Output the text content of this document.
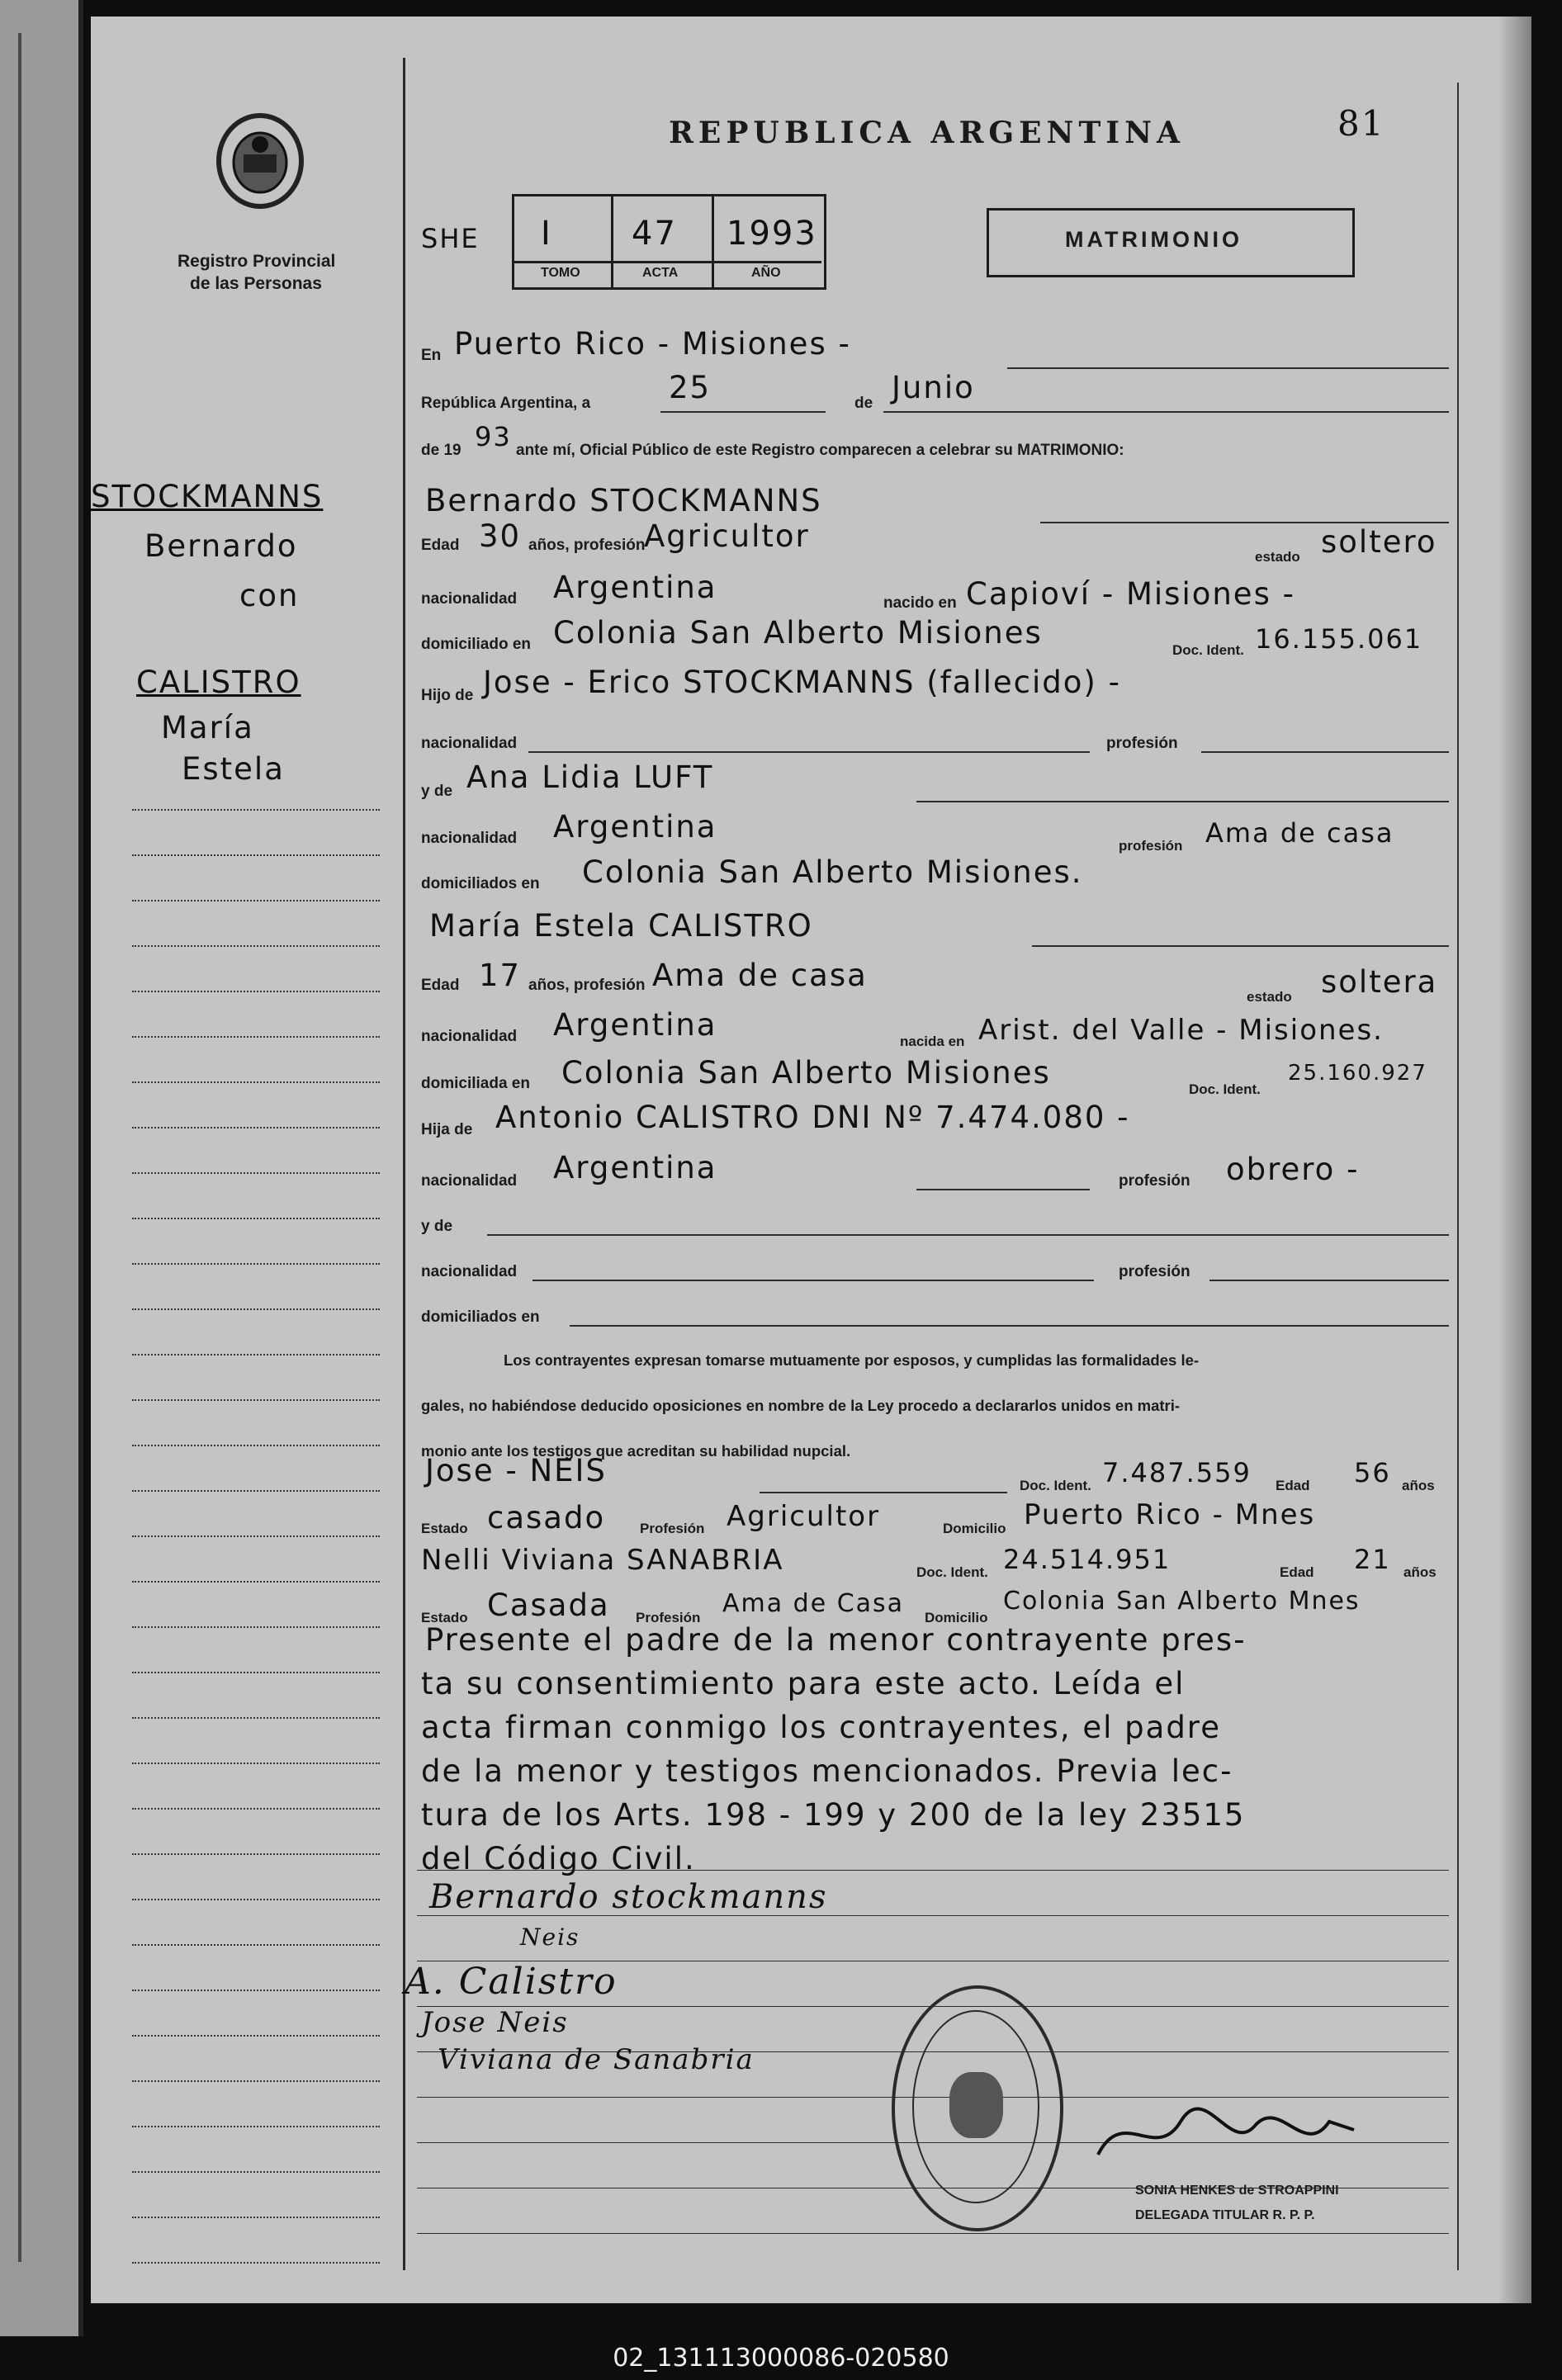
Registro Provincial
de las Personas
REPUBLICA ARGENTINA	81
SHE I 47 1993
TOMO	ACTA	AÑO
MATRIMONIO
STOCKMANNS
Bernardo
con
CALISTRO
María
Estela
En Puerto Rico - Misiones -
República Argentina, a	25	de Junio
de 19 93 ante mí, Oficial Público de este Registro comparecen a celebrar su MATRIMONIO:
Bernardo STOCKMANNS
Edad 30 años, profesión
Agricultor
estado soltero
nacionalidad Argentina	nacido en Capioví - Misiones -
domiciliado en Colonia San Alberto Misiones	Doc. Ident. 16.155.061
Hijo de Jose - Erico STOCKMANNS (fallecido) -
nacionalidad	profesión
y de Ana Lidia LUFT
nacionalidad Argentina
profesión Ama de casa
domiciliados en Colonia San Alberto Misiones.
María Estela CALISTRO
Edad 17 años, profesión Ama de casa
estado soltera
nacionalidad Argentina	nacida en Arist. del Valle - Misiones.
domiciliada en Colonia San Alberto Misiones	Doc. Ident.
25.160.927
Hija de Antonio CALISTRO DNI Nº 7.474.080 -
nacionalidad Argentina	profesión obrero -
y de
nacionalidad	profesión
domiciliados en
Los contrayentes expresan tomarse mutuamente por esposos, y cumplidas las formalidades le-
gales, no habiéndose deducido oposiciones en nombre de la Ley procedo a declararlos unidos en matri-
monio ante los testigos que acreditan su habilidad nupcial.
Jose - NEIS	Doc. Ident. 7.487.559 Edad 56 años
Estado casado Profesión Agricultor	Domicilio Puerto Rico - Mnes
Nelli Viviana SANABRIA	Doc. Ident. 24.514.951	Edad 21 años
Estado Casada Profesión Ama de Casa Domicilio
Colonia San Alberto Mnes
Presente el padre de la menor contrayente pres-
ta su consentimiento para este acto. Leída el
acta firman conmigo los contrayentes, el padre
de la menor y testigos mencionados. Previa lec-
tura de los Arts. 198 - 199 y 200 de la ley 23515
del Código Civil.
Bernardo stockmanns
Neis
A. Calistro
Jose Neis
Viviana de Sanabria
SONIA HENKES de STROAPPINI
DELEGADA TITULAR R. P. P.
02_131113000086-020580
